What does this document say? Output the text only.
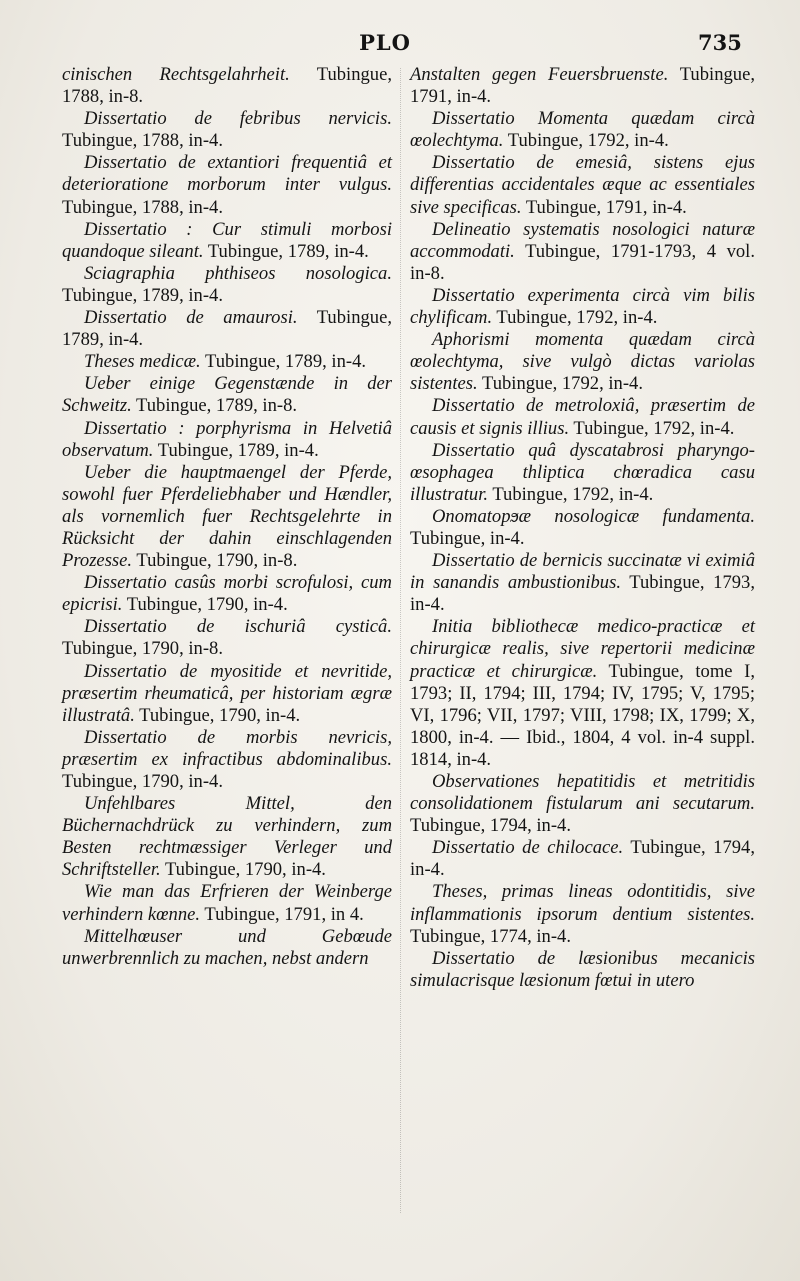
PLO	735

cinischen Rechtsgelahrheit. Tubingue, 1788, in-8.

Dissertatio de febribus nervicis. Tubingue, 1788, in-4.

Dissertatio de extantiori frequentiâ et deterioratione morborum inter vulgus. Tubingue, 1788, in-4.

Dissertatio : Cur stimuli morbosi quandoque sileant. Tubingue, 1789, in-4.

Sciagraphia phthiseos nosologica. Tubingue, 1789, in-4.

Dissertatio de amaurosi. Tubingue, 1789, in-4.

Theses medicæ. Tubingue, 1789, in-4.

Ueber einige Gegenstænde in der Schweitz. Tubingue, 1789, in-8.

Dissertatio : porphyrisma in Helvetiâ observatum. Tubingue, 1789, in-4.

Ueber die hauptmaengel der Pferde, sowohl fuer Pferdeliebhaber und Hændler, als vornemlich fuer Rechtsgelehrte in Rücksicht der dahin einschlagenden Prozesse. Tubingue, 1790, in-8.

Dissertatio casûs morbi scrofulosi, cum epicrisi. Tubingue, 1790, in-4.

Dissertatio de ischuriâ cysticâ. Tubingue, 1790, in-8.

Dissertatio de myositide et nevritide, præsertim rheumaticâ, per historiam ægræ illustratâ. Tubingue, 1790, in-4.

Dissertatio de morbis nevricis, præsertim ex infractibus abdominalibus. Tubingue, 1790, in-4.

Unfehlbares Mittel, den Büchernachdrück zu verhindern, zum Besten rechtmæssiger Verleger und Schriftsteller. Tubingue, 1790, in-4.

Wie man das Erfrieren der Weinberge verhindern kœnne. Tubingue, 1791, in 4.

Mittelhœuser und Gebœude unwerbrennlich zu machen, nebst andern

Anstalten gegen Feuersbruenste. Tubingue, 1791, in-4.

Dissertatio Momenta quædam circà œolechtyma. Tubingue, 1792, in-4.

Dissertatio de emesiâ, sistens ejus differentias accidentales æque ac essentiales sive specificas. Tubingue, 1791, in-4.

Delineatio systematis nosologici naturæ accommodati. Tubingue, 1791-1793, 4 vol. in-8.

Dissertatio experimenta circà vim bilis chylificam. Tubingue, 1792, in-4.

Aphorismi momenta quædam circà œolechtyma, sive vulgò dictas variolas sistentes. Tubingue, 1792, in-4.

Dissertatio de metroloxiâ, præsertim de causis et signis illius. Tubingue, 1792, in-4.

Dissertatio quâ dyscatabrosi pharyngo-œsophagea thliptica chœradica casu illustratur. Tubingue, 1792, in-4.

Onomatopϧæ nosologicæ fundamenta. Tubingue, in-4.

Dissertatio de bernicis succinatæ vi eximiâ in sanandis ambustionibus. Tubingue, 1793, in-4.

Initia bibliothecæ medico-practicæ et chirurgicæ realis, sive repertorii medicinæ practicæ et chirurgicæ. Tubingue, tome I, 1793; II, 1794; III, 1794; IV, 1795; V, 1795; VI, 1796; VII, 1797; VIII, 1798; IX, 1799; X, 1800, in-4. — Ibid., 1804, 4 vol. in-4 suppl. 1814, in-4.

Observationes hepatitidis et metritidis consolidationem fistularum ani secutarum. Tubingue, 1794, in-4.

Dissertatio de chilocace. Tubingue, 1794, in-4.

Theses, primas lineas odontitidis, sive inflammationis ipsorum dentium sistentes. Tubingue, 1774, in-4.

Dissertatio de læsionibus mecanicis simulacrisque læsionum fœtui in utero
